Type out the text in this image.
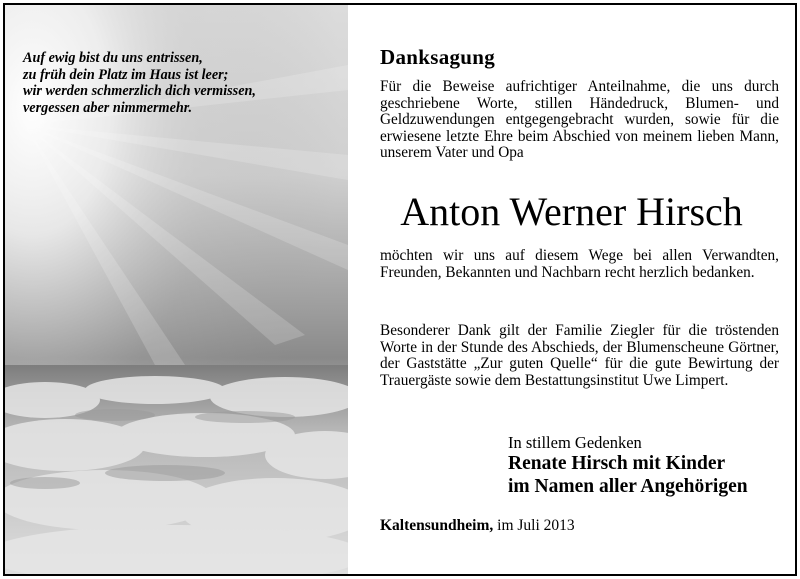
Auf ewig bist du uns entrissen,
zu früh dein Platz im Haus ist leer;
wir werden schmerzlich dich vermissen,
vergessen aber nimmermehr.
Danksagung
Für die Beweise aufrichtiger Anteilnahme, die uns durch geschriebene Worte, stillen Händedruck, Blumen- und Geldzuwendungen entgegengebracht wurden, sowie für die erwiesene letzte Ehre beim Abschied von meinem lieben Mann, unserem Vater und Opa
Anton Werner Hirsch
möchten wir uns auf diesem Wege bei allen Verwandten, Freunden, Bekannten und Nachbarn recht herzlich bedanken.
Besonderer Dank gilt der Familie Ziegler für die tröstenden Worte in der Stunde des Abschieds, der Blumenscheune Görtner, der Gaststätte „Zur guten Quelle“ für die gute Bewirtung der Trauergäste sowie dem Bestattungsinstitut Uwe Limpert.
In stillem Gedenken
Renate Hirsch mit Kinder
im Namen aller Angehörigen
Kaltensundheim, im Juli 2013
